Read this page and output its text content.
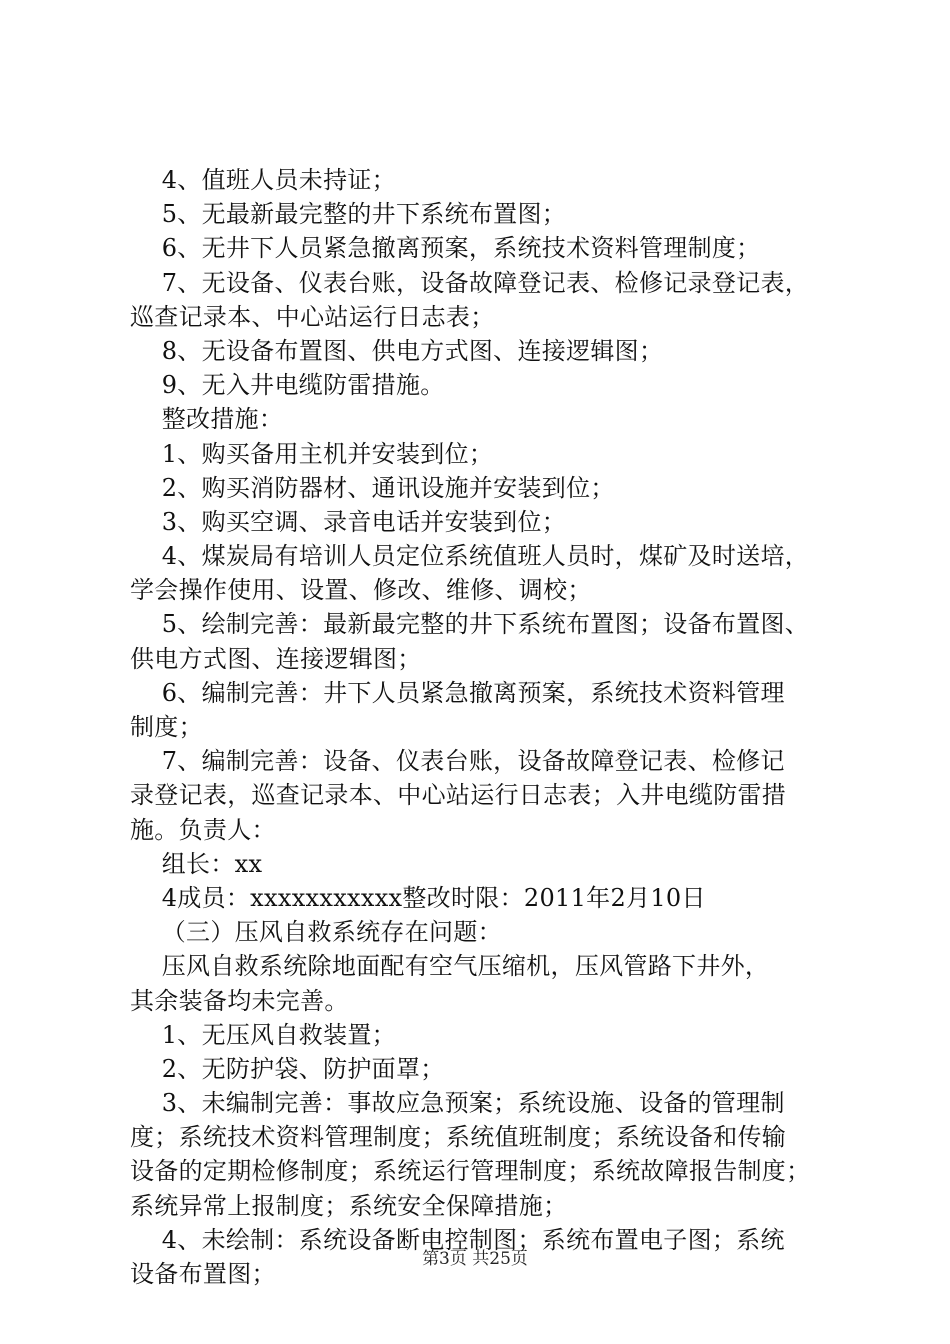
4、值班人员未持证；
5、无最新最完整的井下系统布置图；
6、无井下人员紧急撤离预案，系统技术资料管理制度；
7、无设备、仪表台账，设备故障登记表、检修记录登记表，
巡查记录本、中心站运行日志表；
8、无设备布置图、供电方式图、连接逻辑图；
9、无入井电缆防雷措施。
整改措施：
1、购买备用主机并安装到位；
2、购买消防器材、通讯设施并安装到位；
3、购买空调、录音电话并安装到位；
4、煤炭局有培训人员定位系统值班人员时，煤矿及时送培，
学会操作使用、设置、修改、维修、调校；
5、绘制完善：最新最完整的井下系统布置图；设备布置图、
供电方式图、连接逻辑图；
6、编制完善：井下人员紧急撤离预案，系统技术资料管理
制度；
7、编制完善：设备、仪表台账，设备故障登记表、检修记
录登记表，巡查记录本、中心站运行日志表；入井电缆防雷措
施。负责人：
组长：xx
4成员：xxxxxxxxxxx整改时限：2011年2月10日
（三）压风自救系统存在问题：
压风自救系统除地面配有空气压缩机，压风管路下井外，
其余装备均未完善。
1、无压风自救装置；
2、无防护袋、防护面罩；
3、未编制完善：事故应急预案；系统设施、设备的管理制
度；系统技术资料管理制度；系统值班制度；系统设备和传输
设备的定期检修制度；系统运行管理制度；系统故障报告制度；
系统异常上报制度；系统安全保障措施；
4、未绘制：系统设备断电控制图；系统布置电子图；系统
设备布置图；
第3页 共25页
